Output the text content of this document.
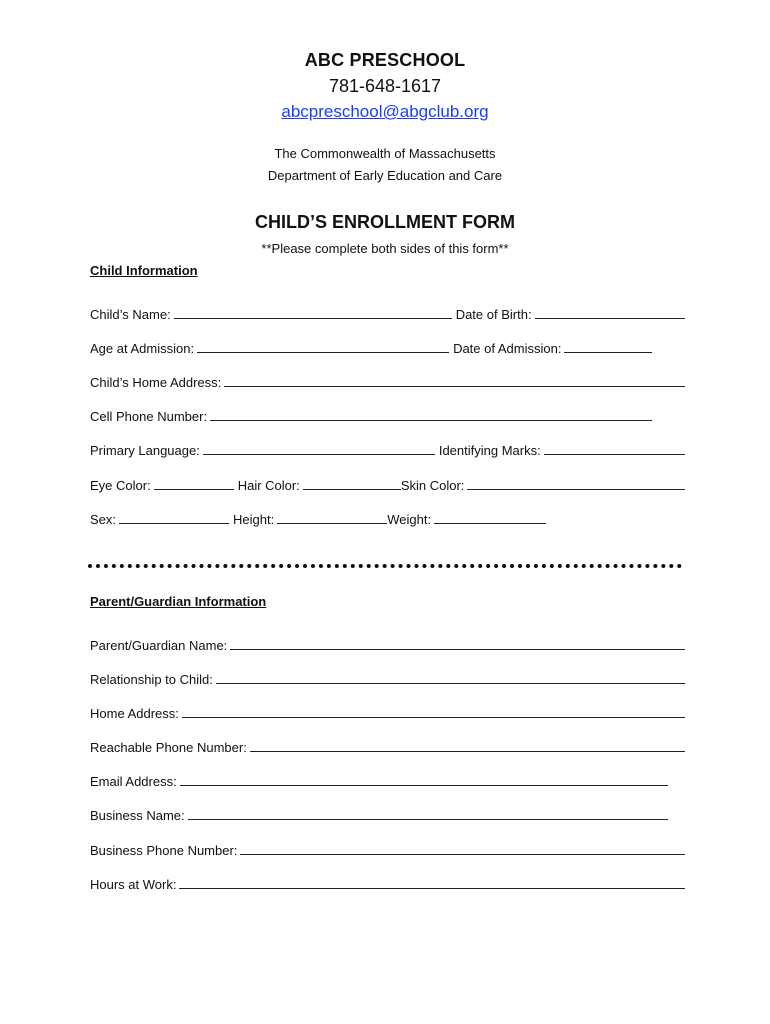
ABC PRESCHOOL
781-648-1617
abcpreschool@abgclub.org
The Commonwealth of Massachusetts
Department of Early Education and Care
CHILD’S ENROLLMENT FORM
**Please complete both sides of this form**
Child Information
Child’s Name:	Date of Birth:
Age at Admission:	Date of Admission:
Child’s Home Address:
Cell Phone Number:
Primary Language:	Identifying Marks:
Eye Color:	Hair Color:	Skin Color:
Sex:	Height:	Weight:
Parent/Guardian Information
Parent/Guardian Name:
Relationship to Child:
Home Address:
Reachable Phone Number:
Email Address:
Business Name:
Business Phone Number:
Hours at Work:
